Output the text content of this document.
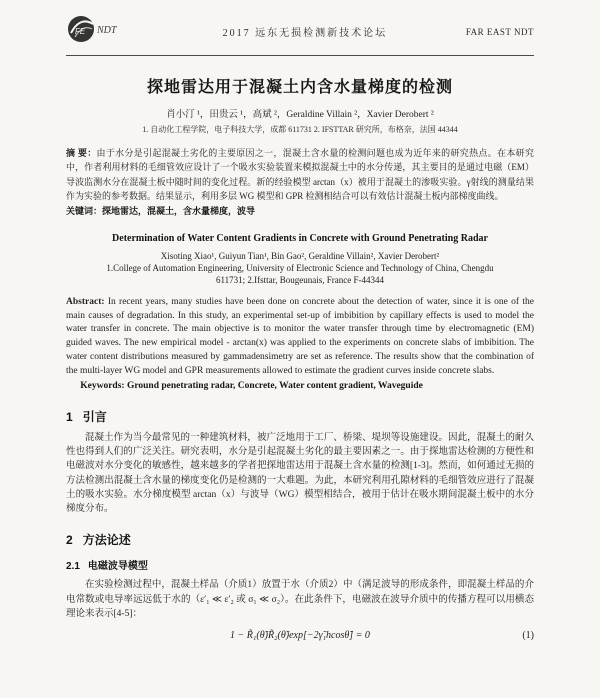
FE NDT	2017 远东无损检测新技术论坛	FAR EAST NDT
探地雷达用于混凝土内含水量梯度的检测
肖小汀 ¹，田贵云 ¹，高斌 ²，Geraldine Villain ²，Xavier Derobert ²
1. 自动化工程学院，电子科技大学，成都 611731 2. IFSTTAR 研究所，布格奈，法国 44344

摘 要：由于水分是引起混凝土劣化的主要原因之一，混凝土含水量的检测问题也成为近年来的研究热点。在本研究中，作者利用材料的毛细管效应设计了一个吸水实验装置来模拟混凝土中的水分传递，其主要目的是通过电磁（EM）导波监测水分在混凝土板中随时间的变化过程。新的经验模型 arctan（x）被用于混凝土的渗吸实验。γ射线的测量结果作为实验的参考数据。结果显示，利用多层 WG 模型和 GPR 检测相结合可以有效估计混凝土板内部梯度曲线。

关键词：探地雷达，混凝土，含水量梯度，波导

Determination of Water Content Gradients in Concrete with Ground Penetrating Radar
Xisoting Xiao¹, Guiyun Tian¹, Bin Gao², Geraldine Villain², Xavier Derobert²
1.College of Automation Engineering, University of Electronic Science and Technology of China, Chengdu
611731; 2.Ifsttar, Bougeunais, France F-44344

Abstract: In recent years, many studies have been done on concrete about the detection of water, since it is one of the main causes of degradation. In this study, an experimental set-up of imbibition by capillary effects is used to model the water transfer in concrete. The main objective is to monitor the water transfer through time by electromagnetic (EM) guided waves. The new empirical model - arctan(x) was applied to the experiments on concrete slabs of imbibition. The water content distributions measured by gammadensimetry are set as reference. The results show that the combination of the multi-layer WG model and GPR measurements allowed to estimate the gradient curves inside concrete slabs.

Keywords: Ground penetrating radar, Concrete, Water content gradient, Waveguide

1 引言

混凝土作为当今最常见的一种建筑材料，被广泛地用于工厂、桥梁、堤坝等设施建设。因此，混凝土的耐久性也得到人们的广泛关注。研究表明，水分是引起混凝土劣化的最主要因素之一。由于探地雷达检测的方便性和电磁波对水分变化的敏感性，越来越多的学者把探地雷达用于混凝土含水量的检测[1-3]。然而，如何通过无损的方法检测出混凝土含水量的梯度变化仍是检测的一大难题。为此，本研究利用孔隙材料的毛细管效应进行了混凝土的吸水实验。水分梯度模型 arctan（x）与波导（WG）模型相结合，被用于估计在吸水期间混凝土板中的水分梯度分布。

2 方法论述
2.1 电磁波导模型

在实验检测过程中，混凝土样品（介质1）放置于水（介质2）中（满足波导的形成条件，即混凝土样品的介电常数或电导率远远低于水的（ε′₁ ≪ ε′₂ 或 σ₁ ≪ σ₂）。在此条件下，电磁波在波导介质中的传播方程可以用横态理论来表示[4-5]：

1 − R̃₁(θ̃)R̃₂(θ̃)exp[−2γ̃₁hcosθ̃] = 0	(1)
